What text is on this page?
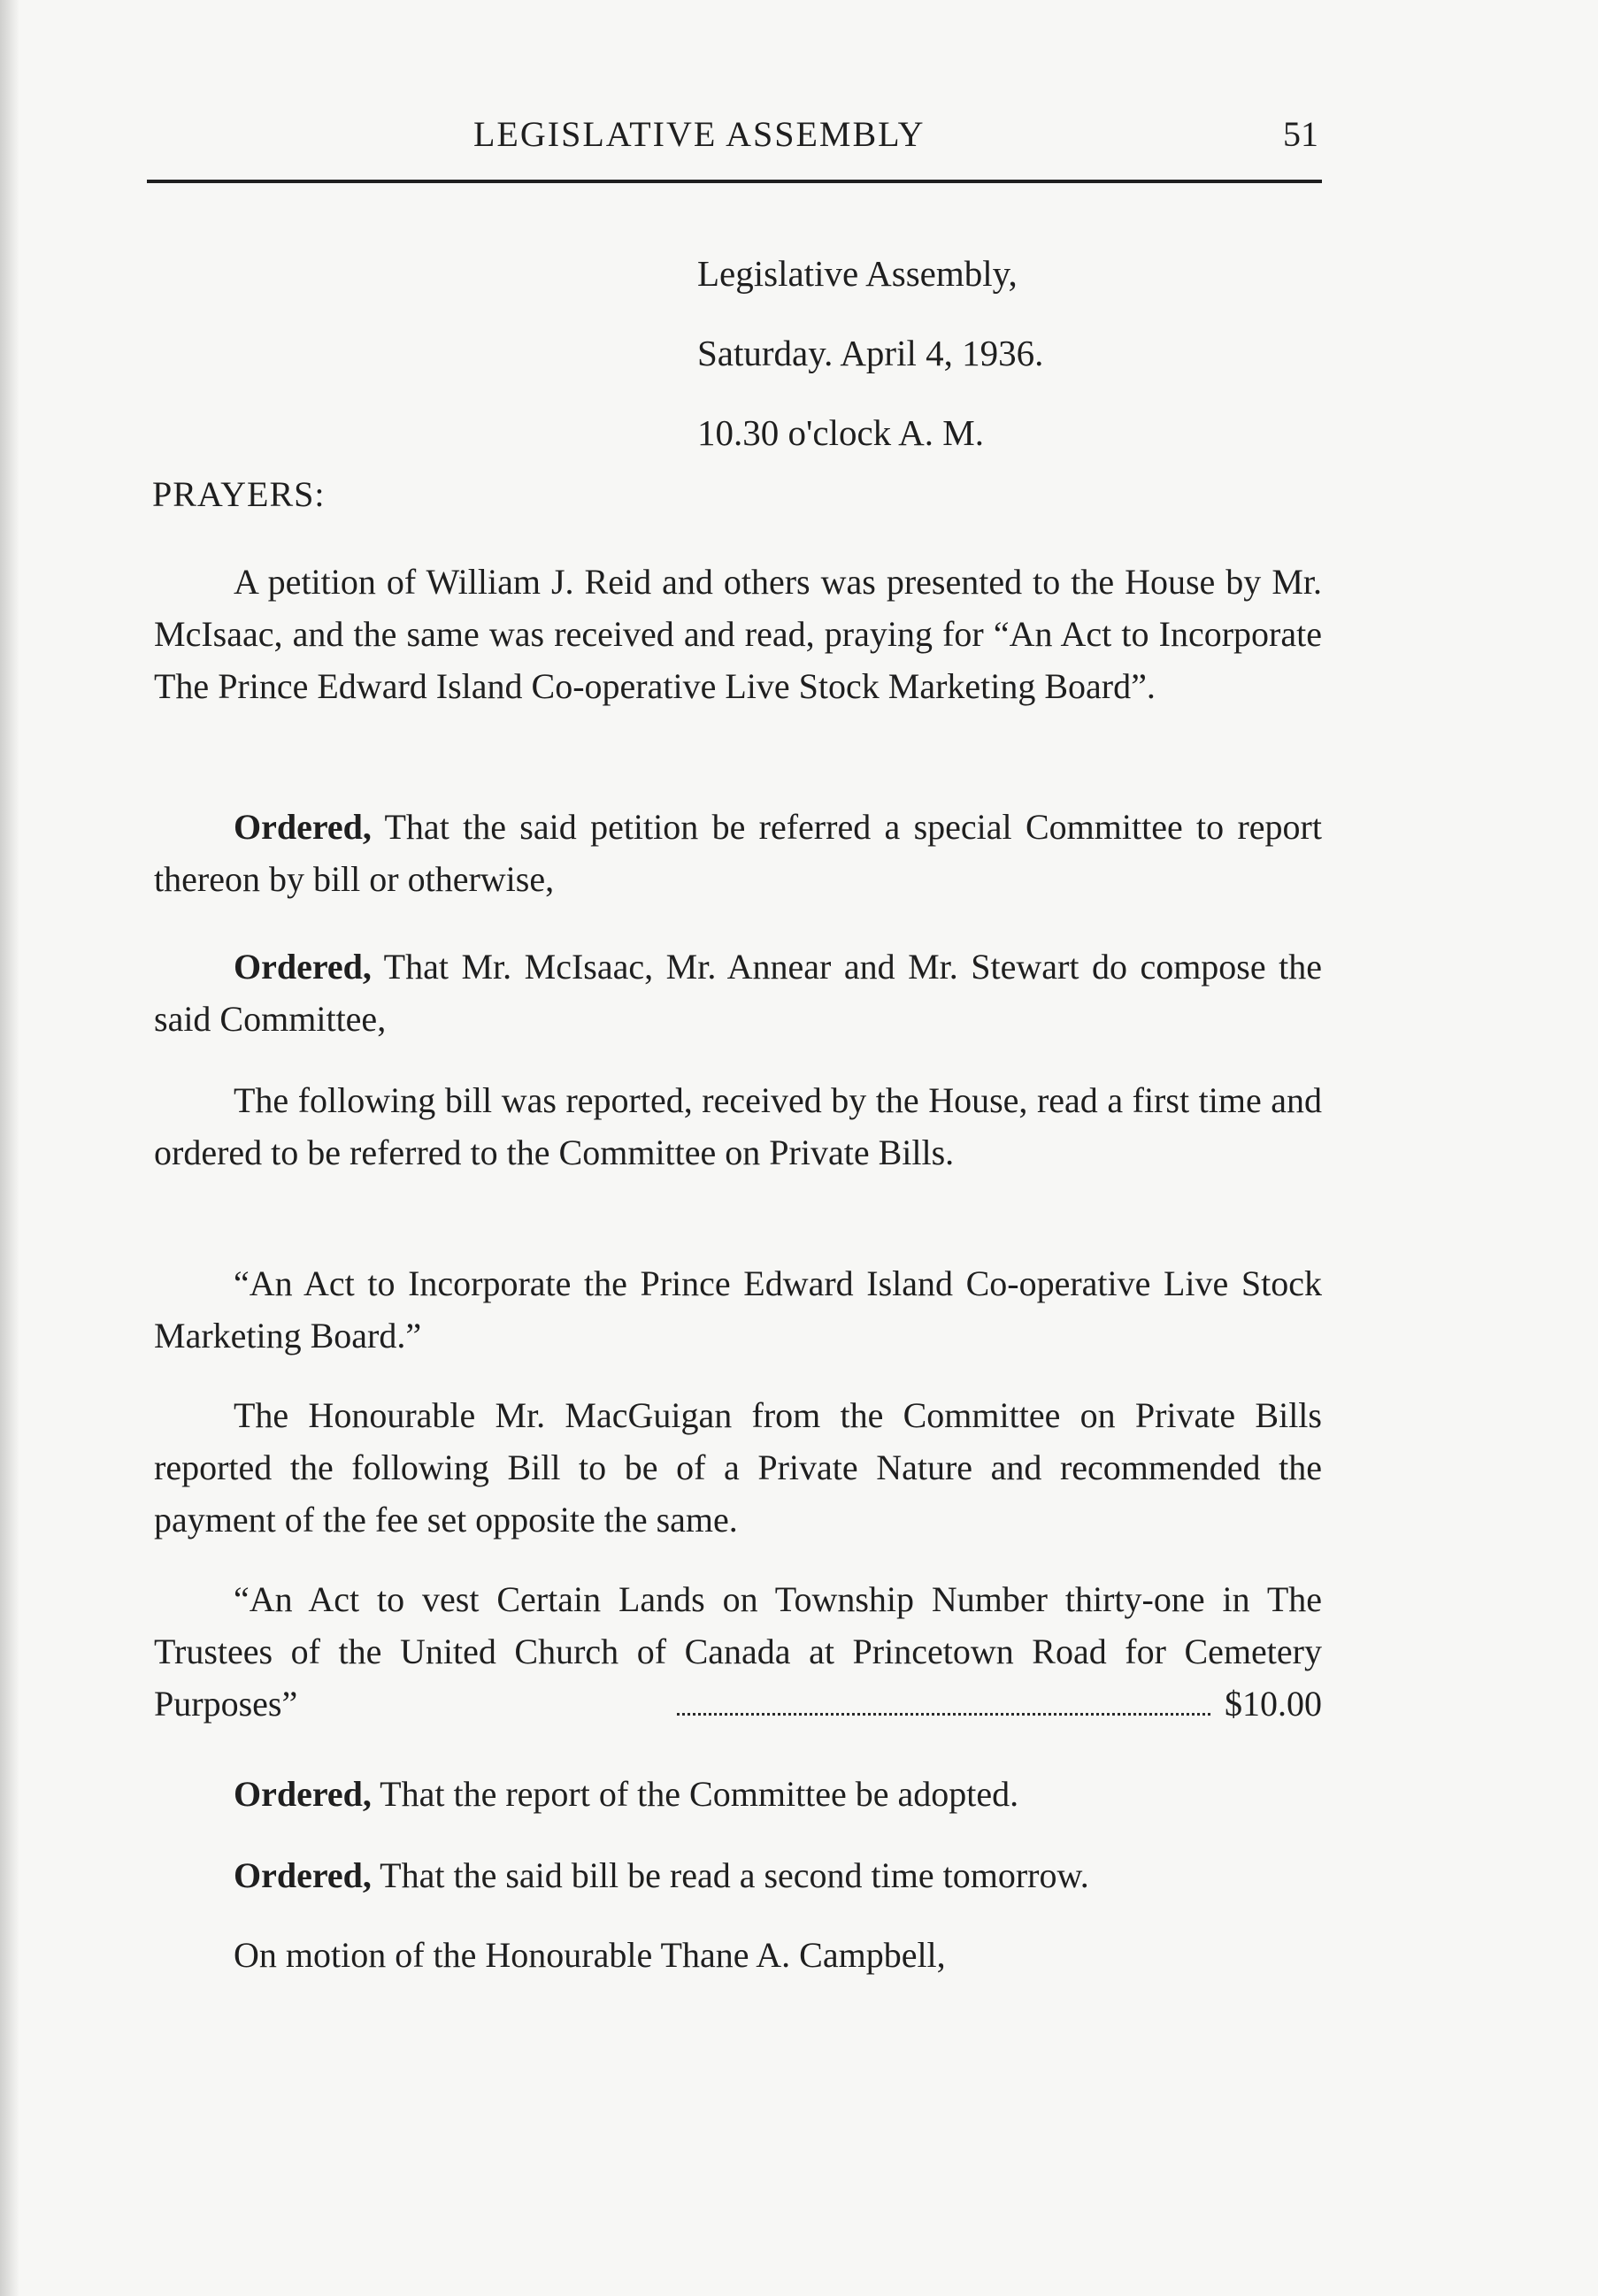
LEGISLATIVE ASSEMBLY	51
Legislative Assembly,
Saturday. April 4, 1936.
10.30 o'clock A. M.
PRAYERS:

A petition of William J. Reid and others was presented to the House by Mr. McIsaac, and the same was received and read, praying for “An Act to Incorporate The Prince Edward Island Co-operative Live Stock Marketing Board”.

Ordered, That the said petition be referred a special Committee to report thereon by bill or otherwise,

Ordered, That Mr. McIsaac, Mr. Annear and Mr. Stewart do compose the said Committee,

The following bill was reported, received by the House, read a first time and ordered to be referred to the Committee on Private Bills.

“An Act to Incorporate the Prince Edward Island Co-operative Live Stock Marketing Board.”

The Honourable Mr. MacGuigan from the Committee on Private Bills reported the following Bill to be of a Private Nature and recommended the payment of the fee set opposite the same.

“An Act to vest Certain Lands on Township Number thirty-one in The Trustees of the United Church of Canada at Princetown Road for Cemetery Purposes”	$10.00

Ordered, That the report of the Committee be adopted.

Ordered, That the said bill be read a second time tomorrow.

On motion of the Honourable Thane A. Campbell,
